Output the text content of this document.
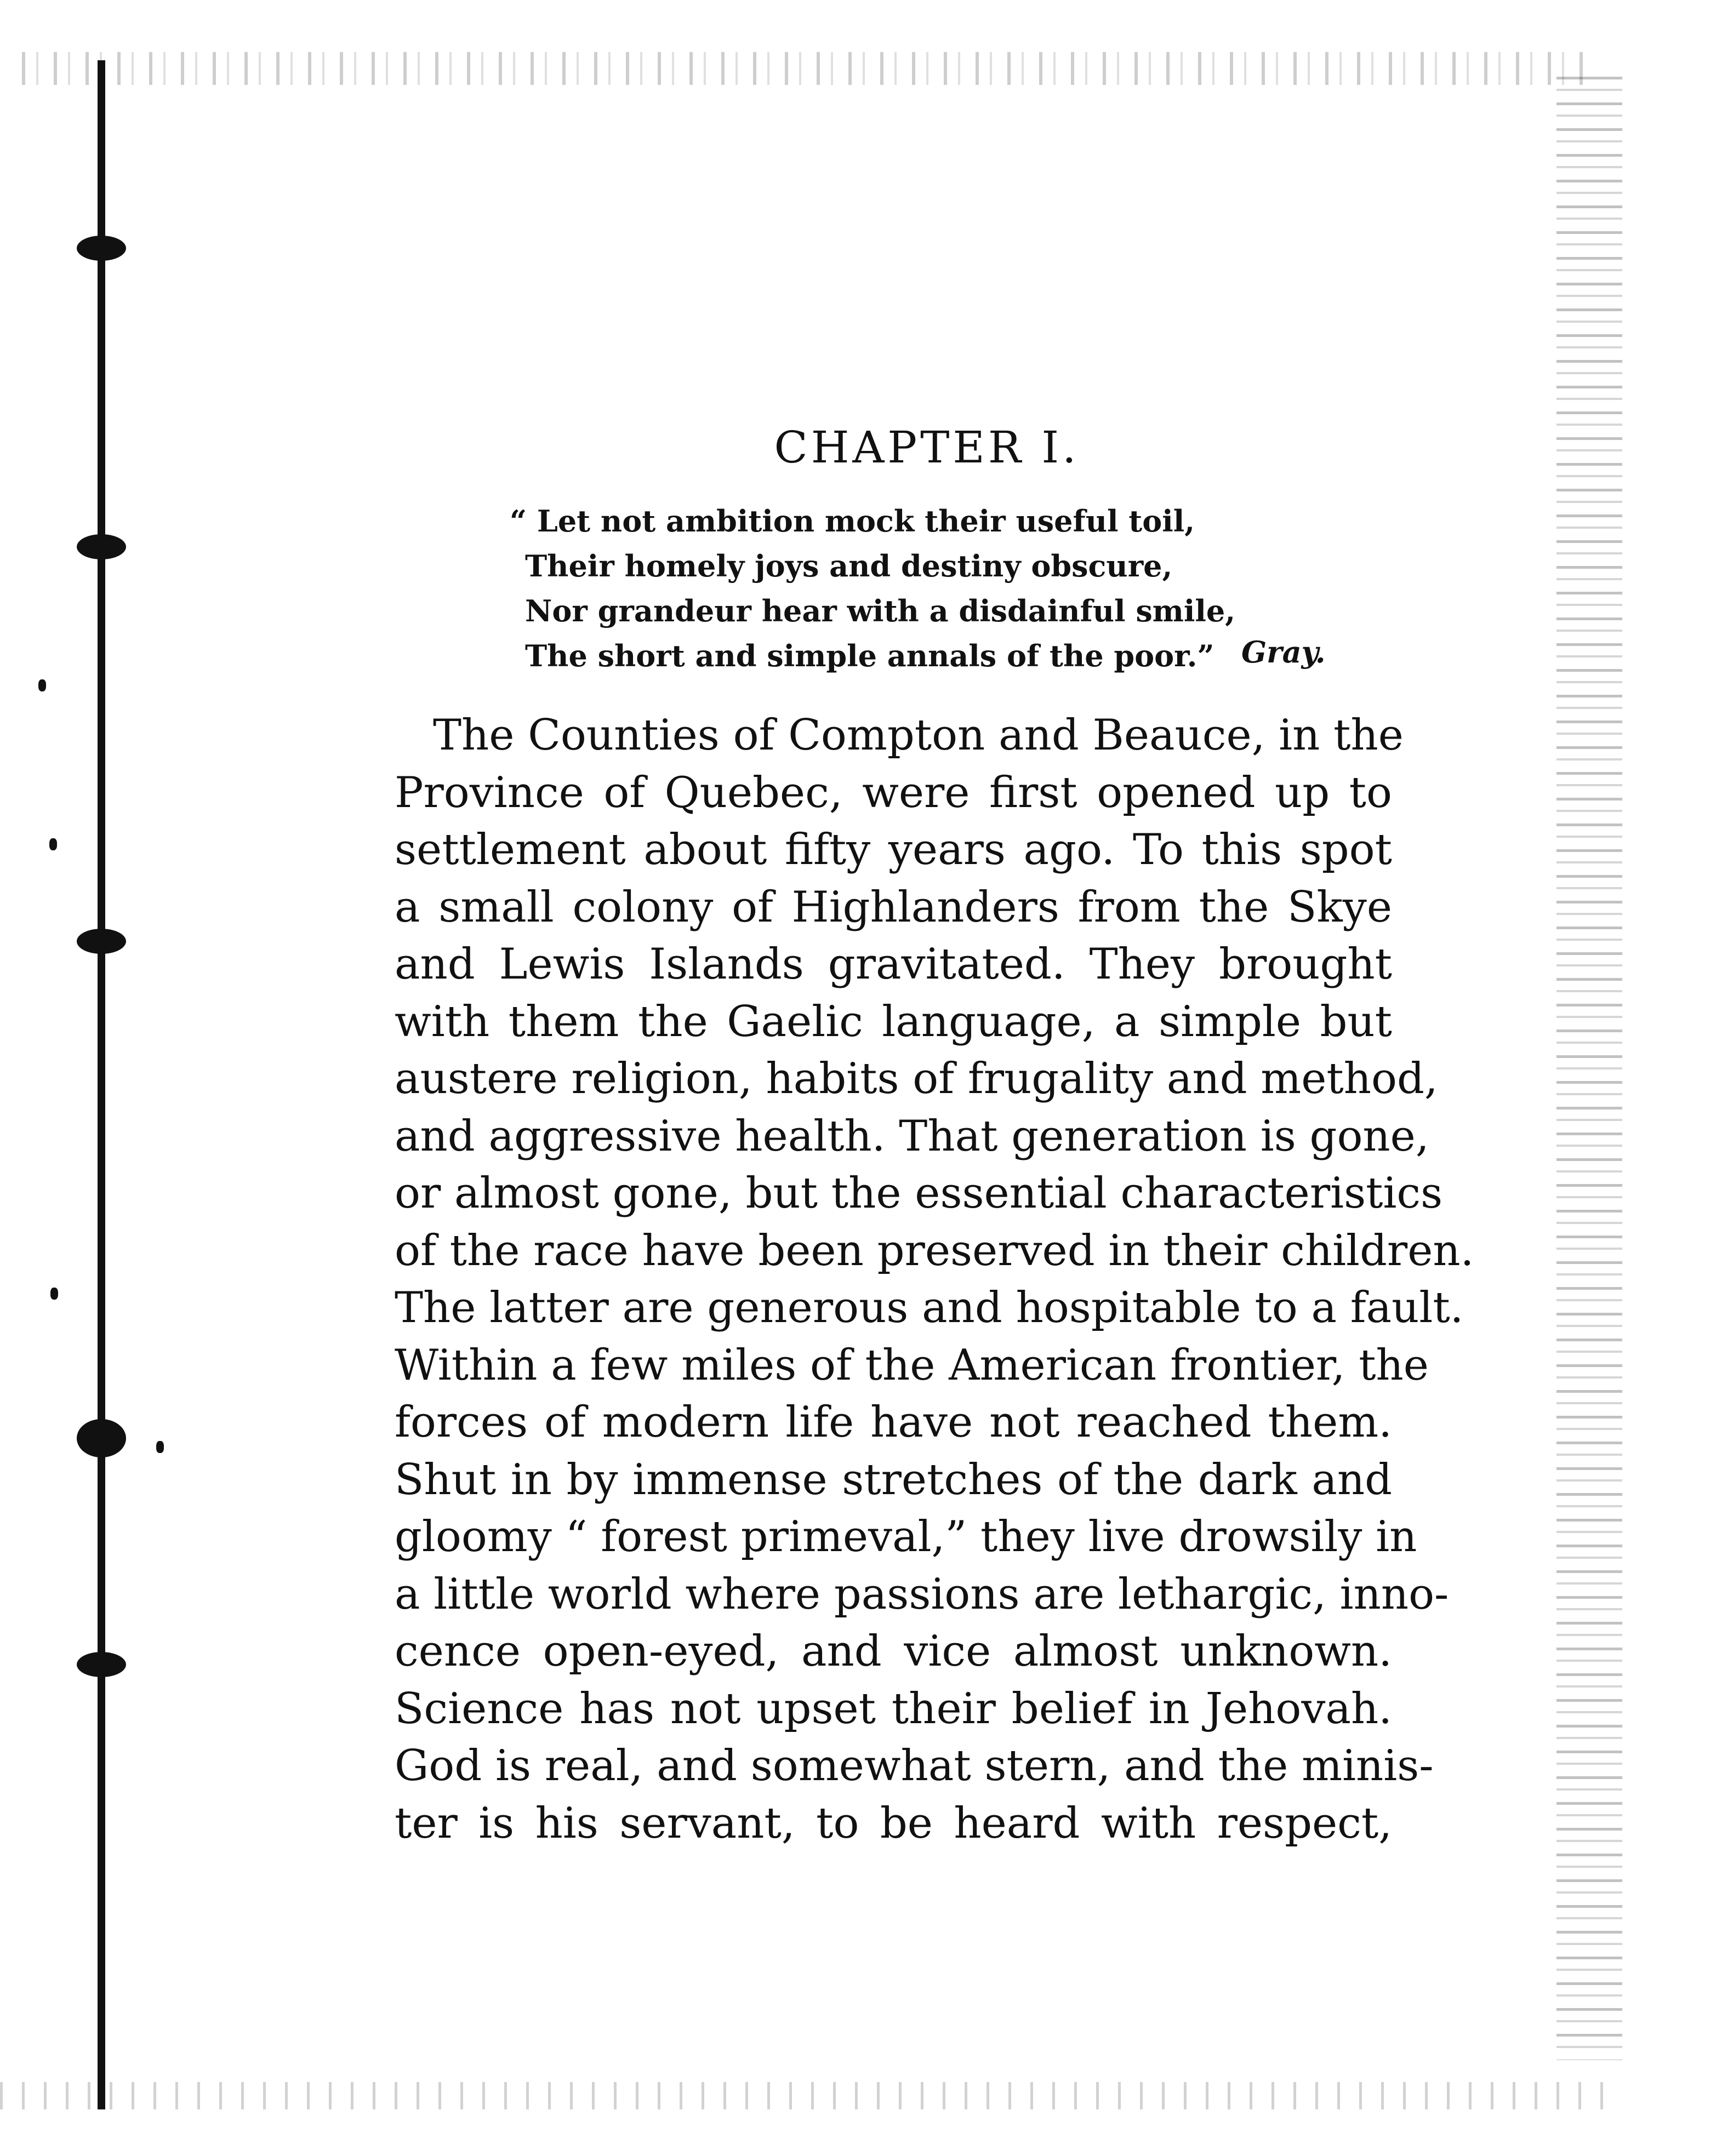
CHAPTER I.
“ Let not ambition mock their useful toil,
Their homely joys and destiny obscure,
Nor grandeur hear with a disdainful smile,
The short and simple annals of the poor.” Gray.
The Counties of Compton and Beauce, in the
Province of Quebec, were first opened up to
settlement about fifty years ago. To this spot
a small colony of Highlanders from the Skye
and Lewis Islands gravitated. They brought
with them the Gaelic language, a simple but
austere religion, habits of frugality and method,
and aggressive health. That generation is gone,
or almost gone, but the essential characteristics
of the race have been preserved in their children.
The latter are generous and hospitable to a fault.
Within a few miles of the American frontier, the
forces of modern life have not reached them.
Shut in by immense stretches of the dark and
gloomy “ forest primeval,” they live drowsily in
a little world where passions are lethargic, inno-
cence open-eyed, and vice almost unknown.
Science has not upset their belief in Jehovah.
God is real, and somewhat stern, and the minis-
ter is his servant, to be heard with respect,
